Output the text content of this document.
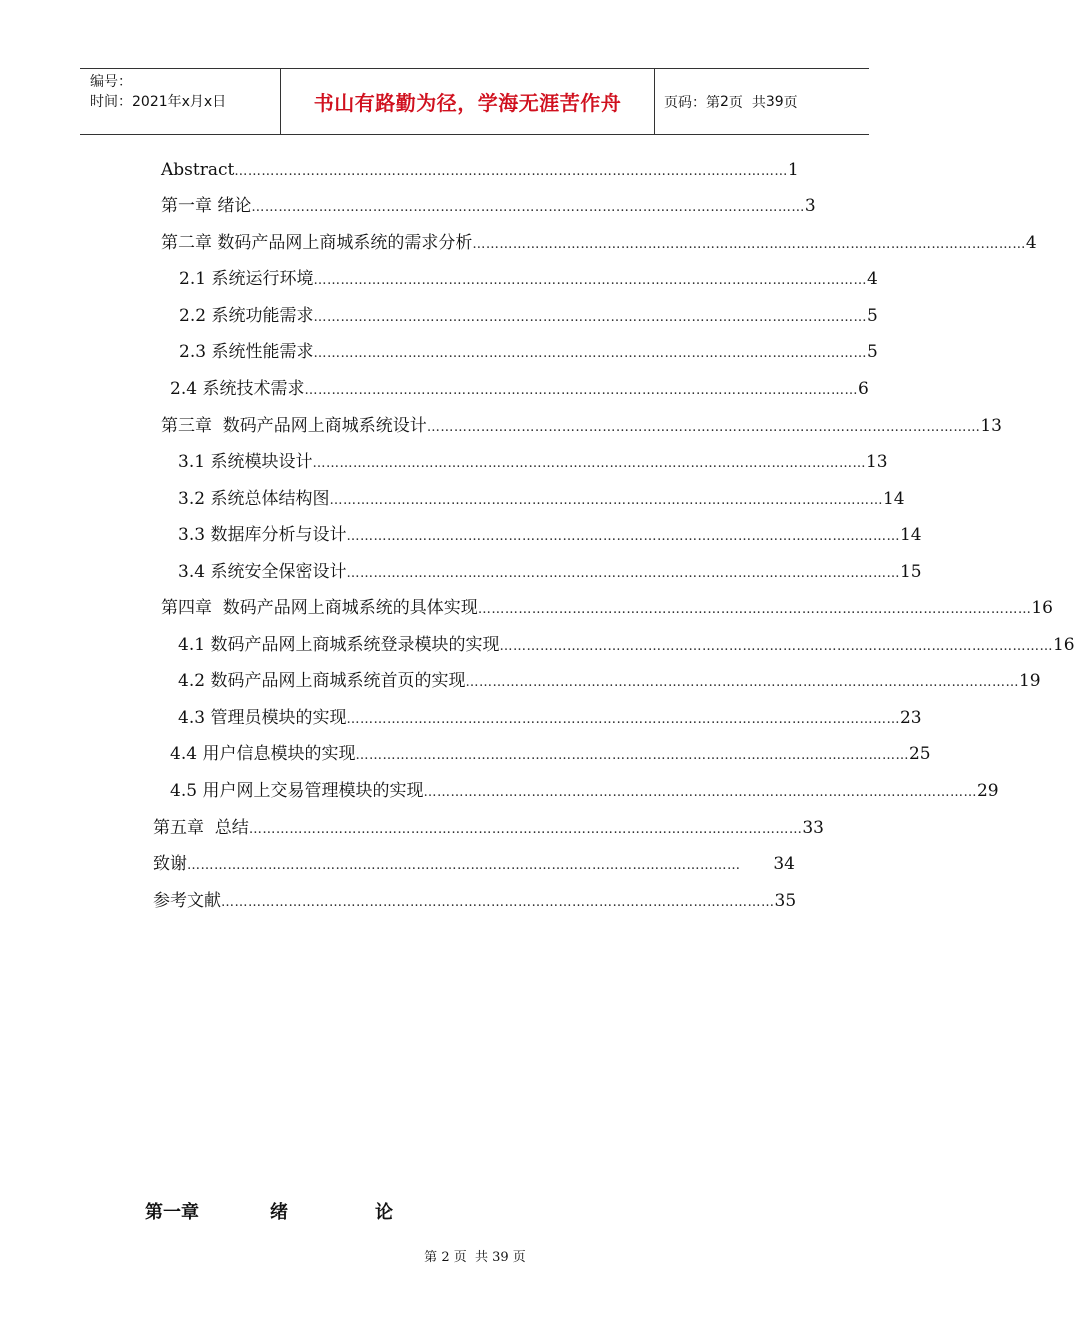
编号：
时间：2021年x月x日	书山有路勤为径，学海无涯苦作舟	页码：第 2 页  共 39 页
Abstract …………………………………………………………………………………………………………… 1
第一章 绪论 …………………………………………………………………………………………………………… 3
第二章 数码产品网上商城系统的需求分析 …………………………………………………………………………………………………………… 4
2.1 系统运行环境 …………………………………………………………………………………………………………… 4
2.2 系统功能需求 …………………………………………………………………………………………………………… 5
2.3 系统性能需求 …………………………………………………………………………………………………………… 5
2.4 系统技术需求 …………………………………………………………………………………………………………… 6
第三章  数码产品网上商城系统设计 …………………………………………………………………………………………………………… 13
3.1 系统模块设计 …………………………………………………………………………………………………………… 13
3.2 系统总体结构图 …………………………………………………………………………………………………………… 14
3.3 数据库分析与设计 …………………………………………………………………………………………………………… 14
3.4 系统安全保密设计 …………………………………………………………………………………………………………… 15
第四章  数码产品网上商城系统的具体实现 …………………………………………………………………………………………………………… 16
4.1 数码产品网上商城系统登录模块的实现 …………………………………………………………………………………………………………… 16
4.2 数码产品网上商城系统首页的实现 …………………………………………………………………………………………………………… 19
4.3 管理员模块的实现 …………………………………………………………………………………………………………… 23
4.4 用户信息模块的实现 …………………………………………………………………………………………………………… 25
4.5 用户网上交易管理模块的实现 …………………………………………………………………………………………………………… 29
第五章  总结 …………………………………………………………………………………………………………… 33
致谢 ……………………………………………………………………………………………………………	34
参考文献 …………………………………………………………………………………………………………… 35
第一章	绪	论
第 2 页  共 39 页
